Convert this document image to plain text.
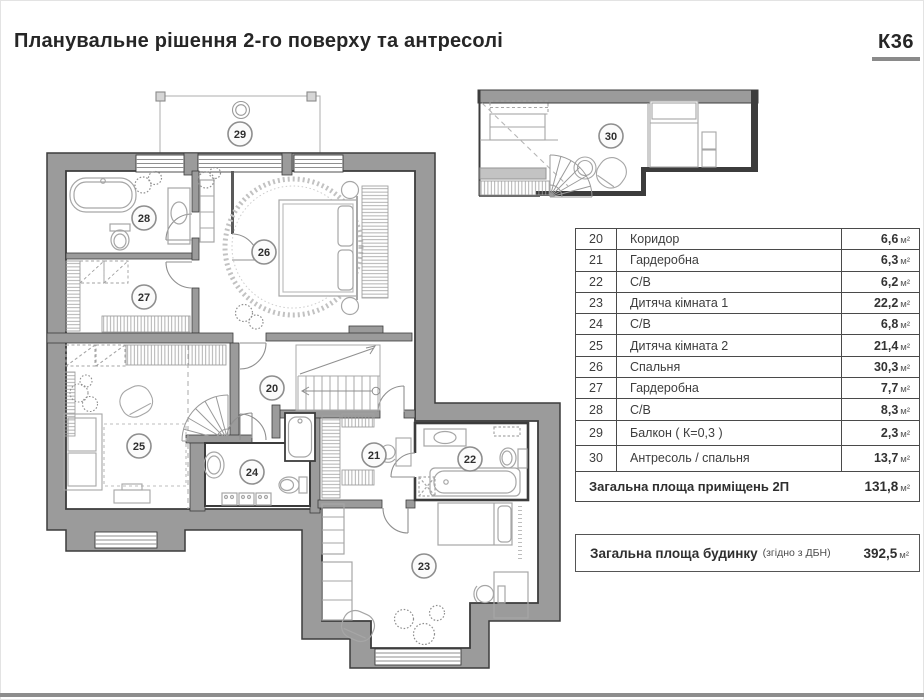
20
21	22
23
24
25
26
27
28
29	30
Планувальне рішення 2-го поверху та антресолі	К36
20	Коридор	6,6 м²
21	Гардеробна	6,3 м²
22	С/В	6,2 м²
23	Дитяча кімната 1	22,2 м²
24	С/В	6,8 м²
25	Дитяча кімната 2	21,4 м²
26	Спальня	30,3 м²
27	Гардеробна	7,7 м²
28	С/В	8,3 м²
29	Балкон ( К=0,3 )	2,3 м²
30	Антресоль / спальня	13,7 м²
Загальна площа приміщень 2П	131,8 м²
Загальна площа будинку (згідно з ДБН)	392,5 м²
